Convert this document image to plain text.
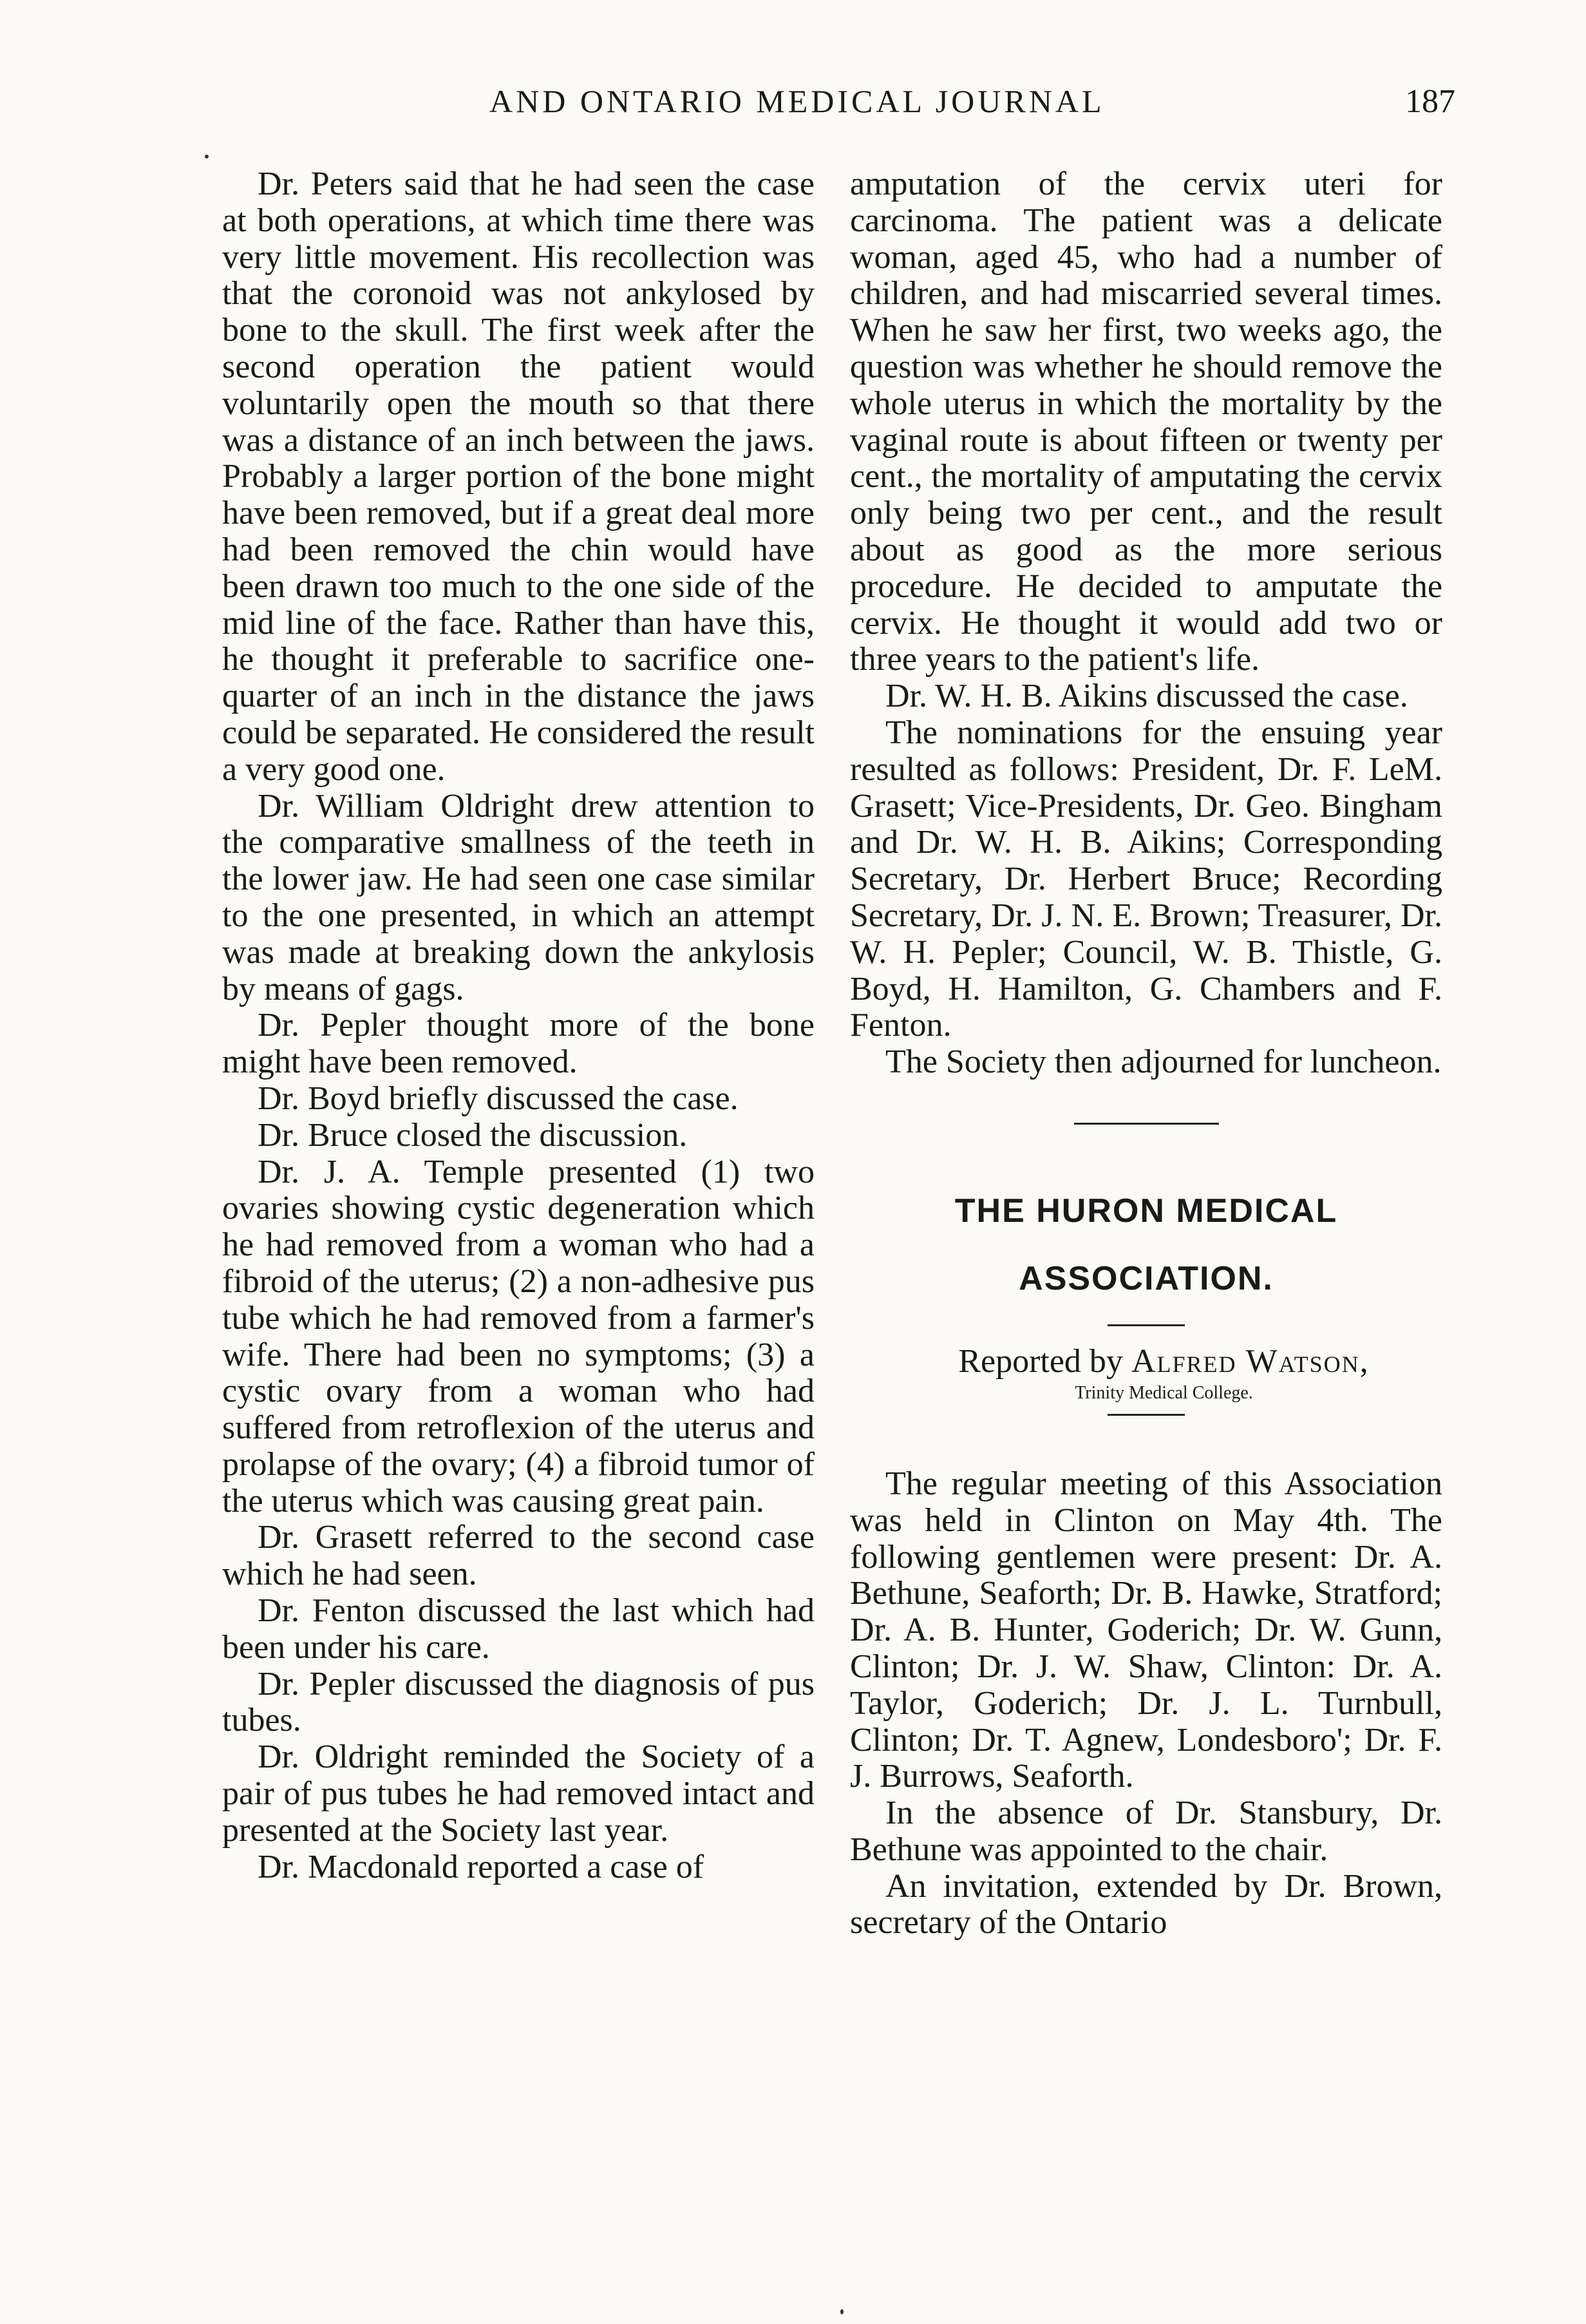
AND ONTARIO MEDICAL JOURNAL	187

Dr. Peters said that he had seen the case at both operations, at which time there was very little movement. His recollection was that the coronoid was not ankylosed by bone to the skull. The first week after the second operation the patient would voluntarily open the mouth so that there was a distance of an inch between the jaws. Probably a larger portion of the bone might have been removed, but if a great deal more had been removed the chin would have been drawn too much to the one side of the mid line of the face. Rather than have this, he thought it preferable to sacrifice one-quarter of an inch in the distance the jaws could be separated. He considered the result a very good one.

Dr. William Oldright drew attention to the comparative smallness of the teeth in the lower jaw. He had seen one case similar to the one presented, in which an attempt was made at breaking down the ankylosis by means of gags.

Dr. Pepler thought more of the bone might have been removed.

Dr. Boyd briefly discussed the case.

Dr. Bruce closed the discussion.

Dr. J. A. Temple presented (1) two ovaries showing cystic degeneration which he had removed from a woman who had a fibroid of the uterus; (2) a non-adhesive pus tube which he had removed from a farmer's wife. There had been no symptoms; (3) a cystic ovary from a woman who had suffered from retroflexion of the uterus and prolapse of the ovary; (4) a fibroid tumor of the uterus which was causing great pain.

Dr. Grasett referred to the second case which he had seen.

Dr. Fenton discussed the last which had been under his care.

Dr. Pepler discussed the diagnosis of pus tubes.

Dr. Oldright reminded the Society of a pair of pus tubes he had removed intact and presented at the Society last year.

Dr. Macdonald reported a case of

amputation of the cervix uteri for carcinoma. The patient was a delicate woman, aged 45, who had a number of children, and had miscarried several times. When he saw her first, two weeks ago, the question was whether he should remove the whole uterus in which the mortality by the vaginal route is about fifteen or twenty per cent., the mortality of amputating the cervix only being two per cent., and the result about as good as the more serious procedure. He decided to amputate the cervix. He thought it would add two or three years to the patient's life.

Dr. W. H. B. Aikins discussed the case.

The nominations for the ensuing year resulted as follows: President, Dr. F. LeM. Grasett; Vice-Presidents, Dr. Geo. Bingham and Dr. W. H. B. Aikins; Corresponding Secretary, Dr. Herbert Bruce; Recording Secretary, Dr. J. N. E. Brown; Treasurer, Dr. W. H. Pepler; Council, W. B. Thistle, G. Boyd, H. Hamilton, G. Chambers and F. Fenton.

The Society then adjourned for luncheon.

THE HURON MEDICAL
ASSOCIATION.

Reported by Alfred Watson,

Trinity Medical College.

The regular meeting of this Association was held in Clinton on May 4th. The following gentlemen were present: Dr. A. Bethune, Seaforth; Dr. B. Hawke, Stratford; Dr. A. B. Hunter, Goderich; Dr. W. Gunn, Clinton; Dr. J. W. Shaw, Clinton: Dr. A. Taylor, Goderich; Dr. J. L. Turnbull, Clinton; Dr. T. Agnew, Londesboro'; Dr. F. J. Burrows, Seaforth.

In the absence of Dr. Stansbury, Dr. Bethune was appointed to the chair.

An invitation, extended by Dr. Brown, secretary of the Ontario
